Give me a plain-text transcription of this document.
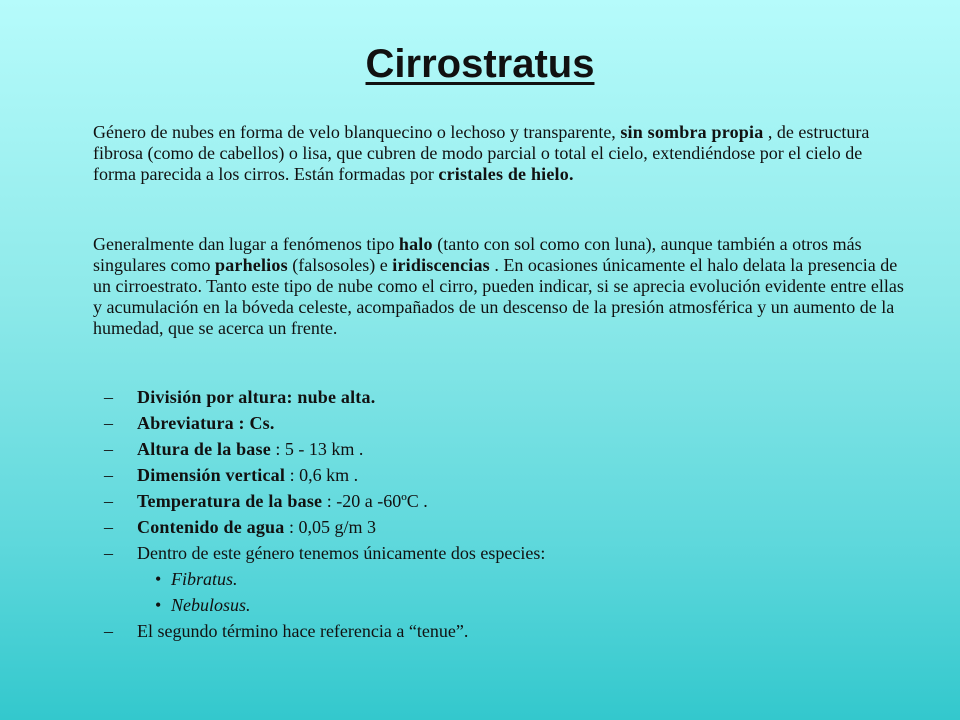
Cirrostratus

Género de nubes en forma de velo blanquecino o lechoso y transparente, sin sombra propia , de estructura fibrosa (como de cabellos) o lisa, que cubren de modo parcial o total el cielo, extendiéndose por el cielo de forma parecida a los cirros. Están formadas por cristales de hielo.

Generalmente dan lugar a fenómenos tipo halo (tanto con sol como con luna), aunque también a otros más singulares como parhelios (falsosoles) e iridiscencias . En ocasiones únicamente el halo delata la presencia de un cirroestrato. Tanto este tipo de nube como el cirro, pueden indicar, si se aprecia evolución evidente entre ellas y acumulación en la bóveda celeste, acompañados de un descenso de la presión atmosférica y un aumento de la humedad, que se acerca un frente.

– División por altura: nube alta.
– Abreviatura : Cs.
– Altura de la base : 5 - 13 km .
– Dimensión vertical : 0,6 km .
– Temperatura de la base : -20 a -60ºC .
– Contenido de agua : 0,05 g/m 3
– Dentro de este género tenemos únicamente dos especies:
• Fibratus.
• Nebulosus.
– El segundo término hace referencia a “tenue”.
